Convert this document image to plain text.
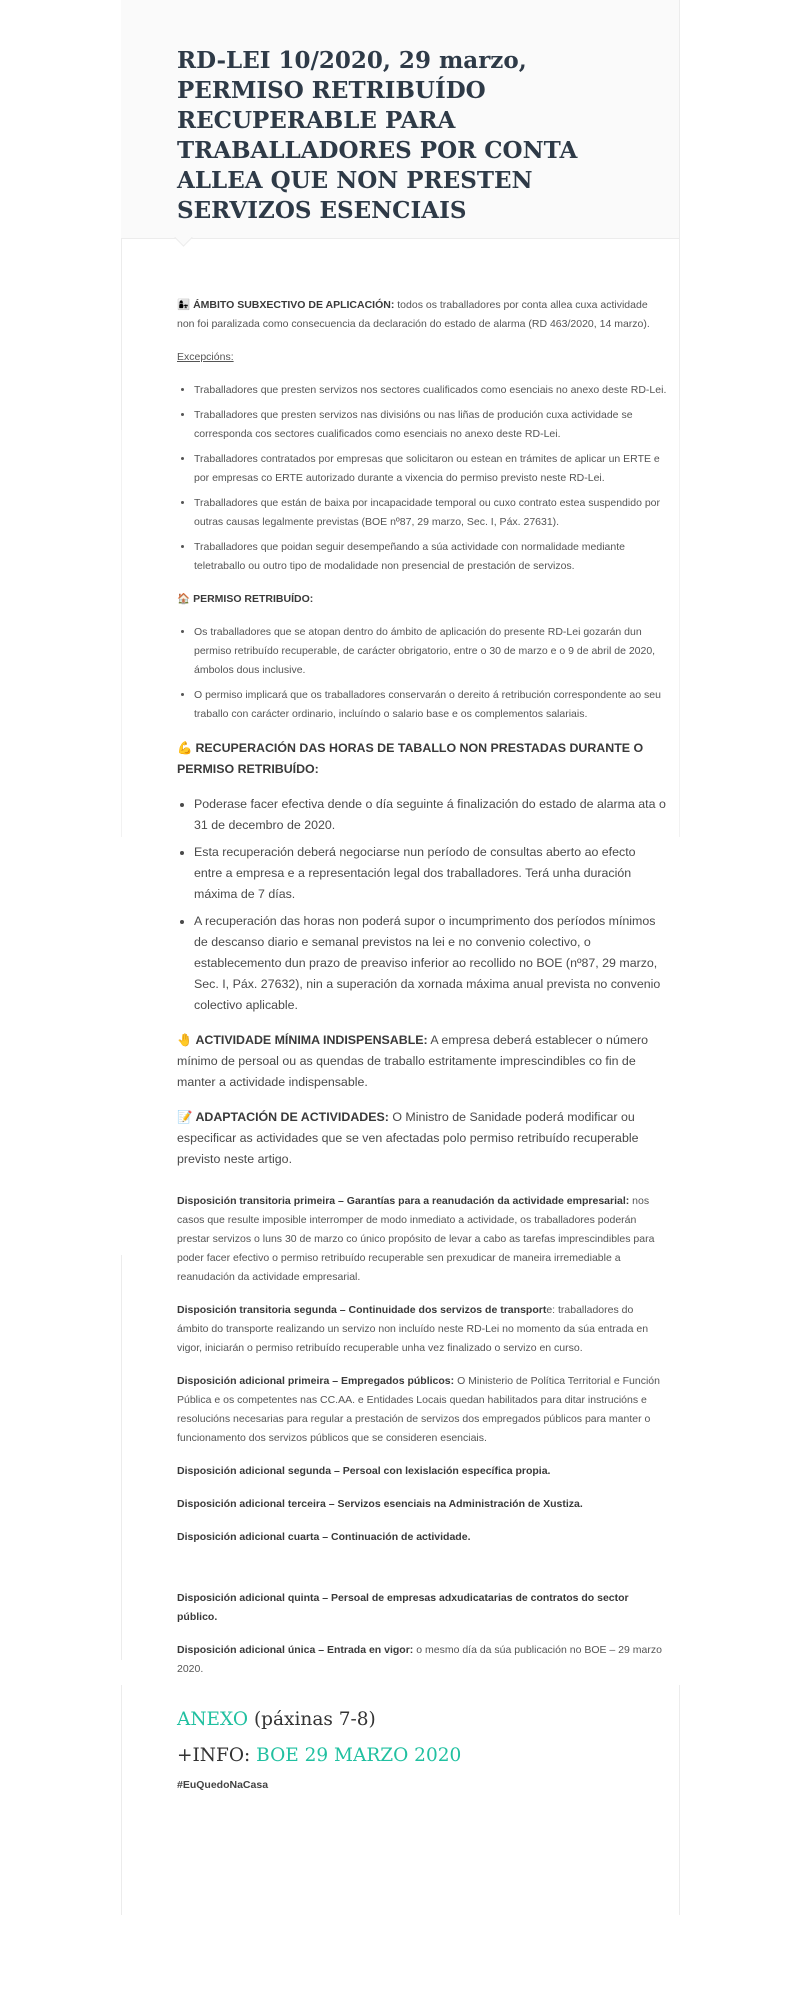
RD-LEI 10/2020, 29 marzo, PERMISO RETRIBUÍDO RECUPERABLE PARA TRABALLADORES POR CONTA ALLEA QUE NON PRESTEN SERVIZOS ESENCIAIS

👩‍👧 ÁMBITO SUBXECTIVO DE APLICACIÓN: todos os traballadores por conta allea cuxa actividade non foi paralizada como consecuencia da declaración do estado de alarma (RD 463/2020, 14 marzo).

Excepcións:

• Traballadores que presten servizos nos sectores cualificados como esenciais no anexo deste RD-Lei.
• Traballadores que presten servizos nas divisións ou nas liñas de produción cuxa actividade se corresponda cos sectores cualificados como esenciais no anexo deste RD-Lei.
• Traballadores contratados por empresas que solicitaron ou estean en trámites de aplicar un ERTE e por empresas co ERTE autorizado durante a vixencia do permiso previsto neste RD-Lei.
• Traballadores que están de baixa por incapacidade temporal ou cuxo contrato estea suspendido por outras causas legalmente previstas (BOE nº87, 29 marzo, Sec. I, Páx. 27631).
• Traballadores que poidan seguir desempeñando a súa actividade con normalidade mediante teletraballo ou outro tipo de modalidade non presencial de prestación de servizos.

🏠 PERMISO RETRIBUÍDO:

• Os traballadores que se atopan dentro do ámbito de aplicación do presente RD-Lei gozarán dun permiso retribuído recuperable, de carácter obrigatorio, entre o 30 de marzo e o 9 de abril de 2020, ámbolos dous inclusive.
• O permiso implicará que os traballadores conservarán o dereito á retribución correspondente ao seu traballo con carácter ordinario, incluíndo o salario base e os complementos salariais.

💪 RECUPERACIÓN DAS HORAS DE TABALLO NON PRESTADAS DURANTE O PERMISO RETRIBUÍDO:

• Poderase facer efectiva dende o día seguinte á finalización do estado de alarma ata o 31 de decembro de 2020.
• Esta recuperación deberá negociarse nun período de consultas aberto ao efecto entre a empresa e a representación legal dos traballadores. Terá unha duración máxima de 7 días.
• A recuperación das horas non poderá supor o incumprimento dos períodos mínimos de descanso diario e semanal previstos na lei e no convenio colectivo, o establecemento dun prazo de preaviso inferior ao recollido no BOE (nº87, 29 marzo, Sec. I, Páx. 27632), nin a superación da xornada máxima anual prevista no convenio colectivo aplicable.

🤚 ACTIVIDADE MÍNIMA INDISPENSABLE: A empresa deberá establecer o número mínimo de persoal ou as quendas de traballo estritamente imprescindibles co fin de manter a actividade indispensable.

📝 ADAPTACIÓN DE ACTIVIDADES: O Ministro de Sanidade poderá modificar ou especificar as actividades que se ven afectadas polo permiso retribuído recuperable previsto neste artigo.

Disposición transitoria primeira – Garantías para a reanudación da actividade empresarial: nos casos que resulte imposible interromper de modo inmediato a actividade, os traballadores poderán prestar servizos o luns 30 de marzo co único propósito de levar a cabo as tarefas imprescindibles para poder facer efectivo o permiso retribuído recuperable sen prexudicar de maneira irremediable a reanudación da actividade empresarial.

Disposición transitoria segunda – Continuidade dos servizos de transporte: traballadores do ámbito do transporte realizando un servizo non incluído neste RD-Lei no momento da súa entrada en vigor, iniciarán o permiso retribuído recuperable unha vez finalizado o servizo en curso.

Disposición adicional primeira – Empregados públicos: O Ministerio de Política Territorial e Función Pública e os competentes nas CC.AA. e Entidades Locais quedan habilitados para ditar instrucións e resolucións necesarias para regular a prestación de servizos dos empregados públicos para manter o funcionamento dos servizos públicos que se consideren esenciais.

Disposición adicional segunda – Persoal con lexislación específica propia.

Disposición adicional terceira – Servizos esenciais na Administración de Xustiza.

Disposición adicional cuarta – Continuación de actividade.

Disposición adicional quinta – Persoal de empresas adxudicatarias de contratos do sector público.

Disposición adicional única – Entrada en vigor: o mesmo día da súa publicación no BOE – 29 marzo 2020.

ANEXO (páxinas 7-8)

+INFO: BOE 29 MARZO 2020

#EuQuedoNaCasa
